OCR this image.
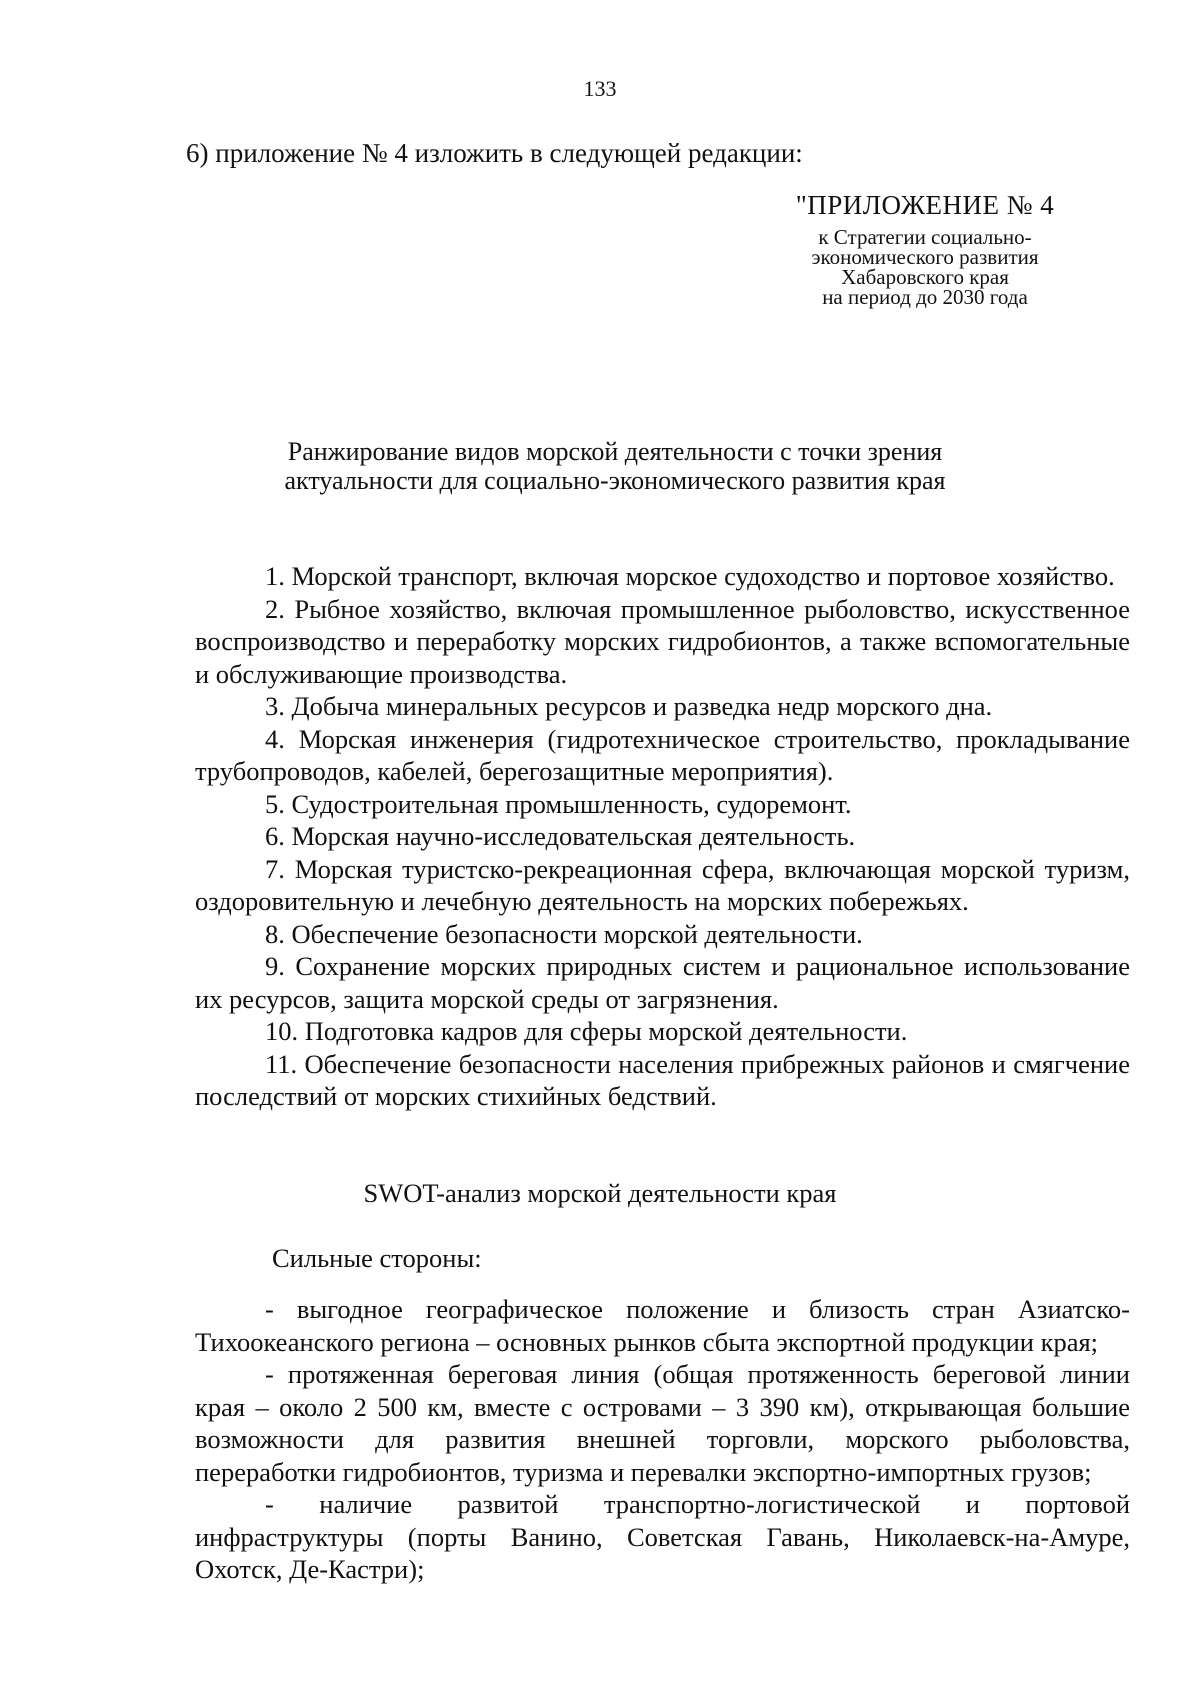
133
6) приложение № 4 изложить в следующей редакции:
"ПРИЛОЖЕНИЕ № 4
к Стратегии социально-
экономического развития
Хабаровского края
на период до 2030 года
Ранжирование видов морской деятельности с точки зрения
актуальности для социально-экономического развития края

1. Морской транспорт, включая морское судоходство и портовое хозяйство.

2. Рыбное хозяйство, включая промышленное рыболовство, искусственное воспроизводство и переработку морских гидробионтов, а также вспомогательные и обслуживающие производства.

3. Добыча минеральных ресурсов и разведка недр морского дна.

4. Морская инженерия (гидротехническое строительство, прокладывание трубопроводов, кабелей, берегозащитные мероприятия).

5. Судостроительная промышленность, судоремонт.

6. Морская научно-исследовательская деятельность.

7. Морская туристско-рекреационная сфера, включающая морской туризм, оздоровительную и лечебную деятельность на морских побережьях.

8. Обеспечение безопасности морской деятельности.

9. Сохранение морских природных систем и рациональное использование их ресурсов, защита морской среды от загрязнения.

10. Подготовка кадров для сферы морской деятельности.

11. Обеспечение безопасности населения прибрежных районов и смягчение последствий от морских стихийных бедствий.

SWOT-анализ морской деятельности края
Сильные стороны:

- выгодное географическое положение и близость стран Азиатско-Тихоокеанского региона – основных рынков сбыта экспортной продукции края;

- протяженная береговая линия (общая протяженность береговой линии края – около 2 500 км, вместе с островами – 3 390 км), открывающая большие возможности для развития внешней торговли, морского рыболовства, переработки гидробионтов, туризма и перевалки экспортно-импортных грузов;

- наличие развитой транспортно-логистической и портовой инфраструктуры (порты Ванино, Советская Гавань, Николаевск-на-Амуре, Охотск, Де-Кастри);
